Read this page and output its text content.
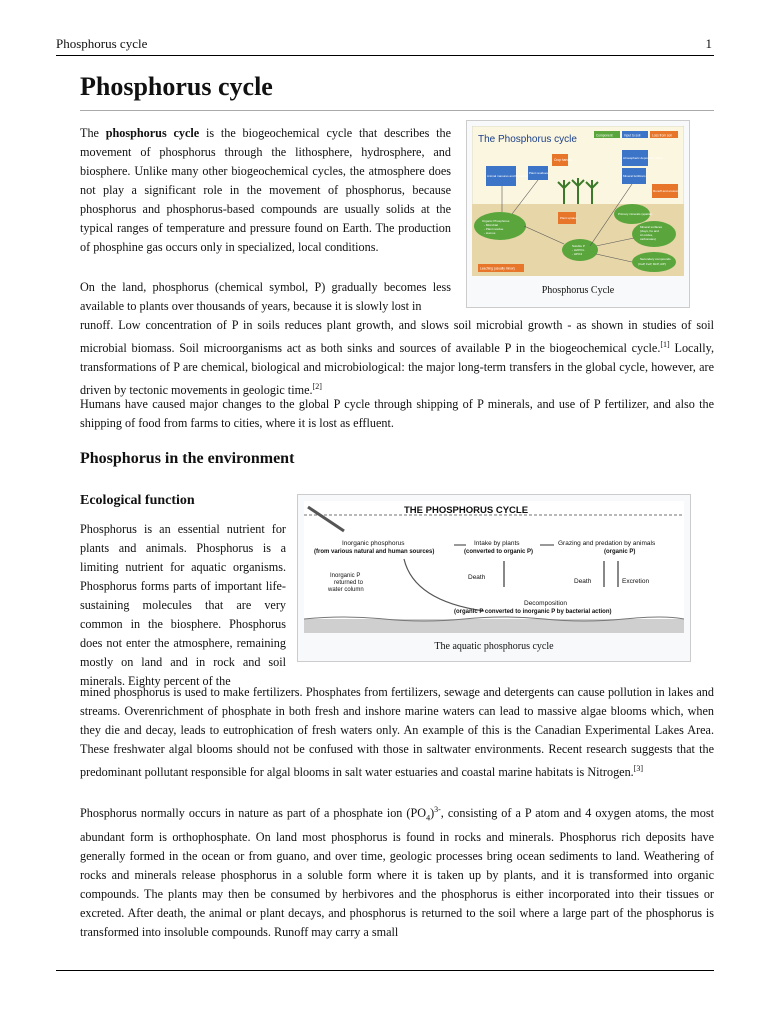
Phosphorus cycle	1
Phosphorus cycle

The phosphorus cycle is the biogeochemical cycle that describes the movement of phosphorus through the lithosphere, hydrosphere, and biosphere. Unlike many other biogeochemical cycles, the atmosphere does not play a significant role in the movement of phosphorus, because phosphorus and phosphorus-based compounds are usually solids at the typical ranges of temperature and pressure found on Earth. The production of phosphine gas occurs only in specialized, local conditions.

The Phosphorus cycle	Component	Input to soil	Loss from soil
Crop harvest	Atmospheric deposition (dust)
Animal manures and biosolids
Plant residues
Mineral fertilizers
Runoff and erosion
Organic Phosphorus
- Microbial
- Plant residue
- Humus
Plant uptake
Primary minerals (apatite)
Soluble P
- H2PO4-
- HPO4
Mineral surfaces
(clays, Fe and
Al oxides,
carbonates)
Secondary compounds
(CaP, FeP, MnP, AlP)
Leaching (usually minor)
Phosphorus Cycle

On the land, phosphorus (chemical symbol, P) gradually becomes less available to plants over thousands of years, because it is slowly lost in

runoff. Low concentration of P in soils reduces plant growth, and slows soil microbial growth - as shown in studies of soil microbial biomass. Soil microorganisms act as both sinks and sources of available P in the biogeochemical cycle.[1] Locally, transformations of P are chemical, biological and microbiological: the major long-term transfers in the global cycle, however, are driven by tectonic movements in geologic time.[2]

Humans have caused major changes to the global P cycle through shipping of P minerals, and use of P fertilizer, and also the shipping of food from farms to cities, where it is lost as effluent.

Phosphorus in the environment
Ecological function
THE PHOSPHORUS CYCLE
Inorganic phosphorus
(from various natural and human sources)
Intake by plants
(converted to organic P)
Grazing and predation by animals
(organic P)
Inorganic P
returned to
water column
Death
Death	Excretion
Decomposition
(organic P converted to inorganic P by bacterial action)
The aquatic phosphorus cycle

Phosphorus is an essential nutrient for plants and animals. Phosphorus is a limiting nutrient for aquatic organisms. Phosphorus forms parts of important life-sustaining molecules that are very common in the biosphere. Phosphorus does not enter the atmosphere, remaining mostly on land and in rock and soil minerals. Eighty percent of the

mined phosphorus is used to make fertilizers. Phosphates from fertilizers, sewage and detergents can cause pollution in lakes and streams. Overenrichment of phosphate in both fresh and inshore marine waters can lead to massive algae blooms which, when they die and decay, leads to eutrophication of fresh waters only. An example of this is the Canadian Experimental Lakes Area. These freshwater algal blooms should not be confused with those in saltwater environments. Recent research suggests that the predominant pollutant responsible for algal blooms in salt water estuaries and coastal marine habitats is Nitrogen.[3]

Phosphorus normally occurs in nature as part of a phosphate ion $(PO_4)^{3-}$, consisting of a P atom and 4 oxygen atoms, the most abundant form is orthophosphate. On land most phosphorus is found in rocks and minerals. Phosphorus rich deposits have generally formed in the ocean or from guano, and over time, geologic processes bring ocean sediments to land. Weathering of rocks and minerals release phosphorus in a soluble form where it is taken up by plants, and it is transformed into organic compounds. The plants may then be consumed by herbivores and the phosphorus is either incorporated into their tissues or excreted. After death, the animal or plant decays, and phosphorus is returned to the soil where a large part of the phosphorus is transformed into insoluble compounds. Runoff may carry a small
